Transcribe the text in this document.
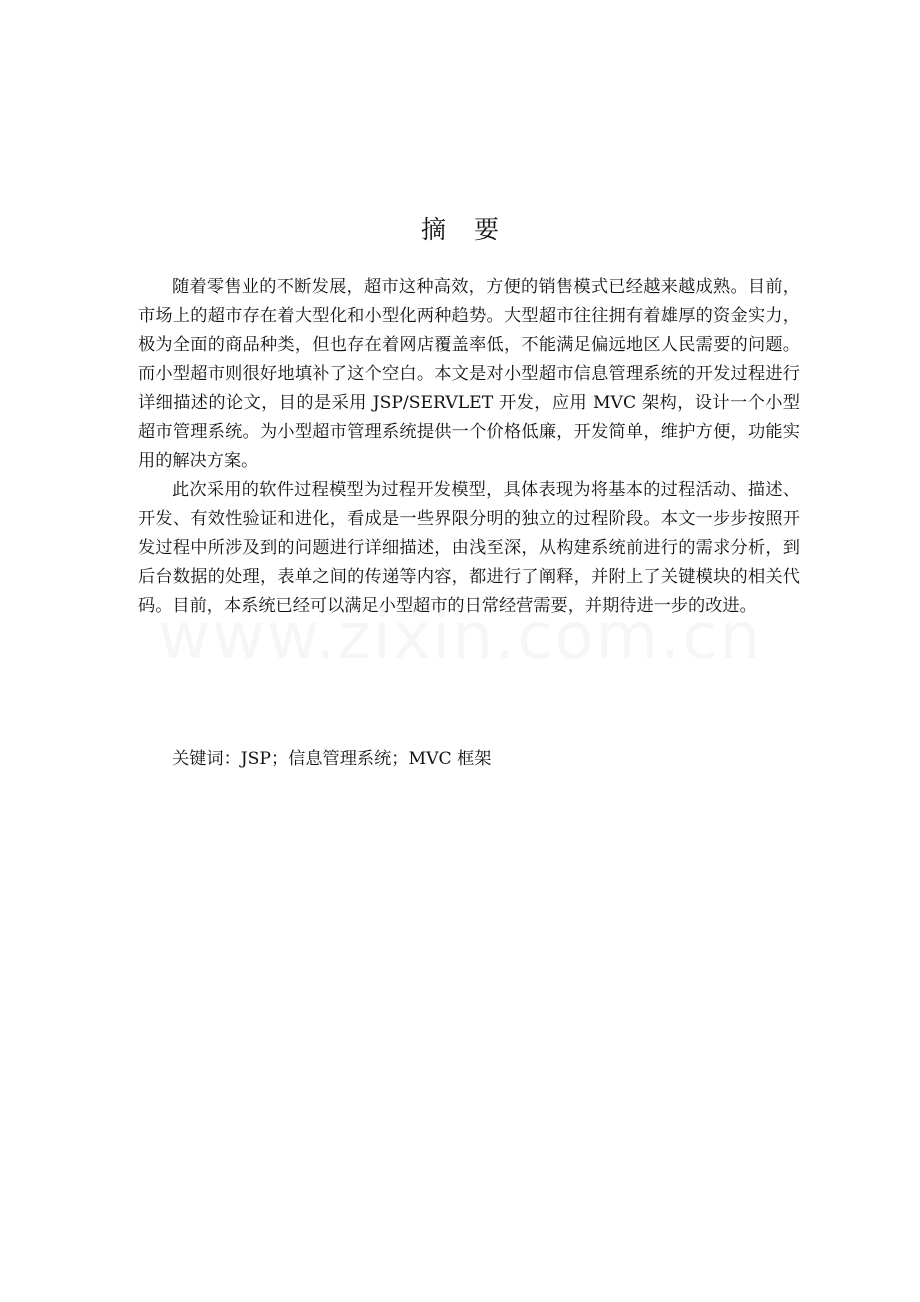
摘 要

随着零售业的不断发展，超市这种高效，方便的销售模式已经越来越成熟。目前，市场上的超市存在着大型化和小型化两种趋势。大型超市往往拥有着雄厚的资金实力，极为全面的商品种类，但也存在着网店覆盖率低，不能满足偏远地区人民需要的问题。而小型超市则很好地填补了这个空白。本文是对小型超市信息管理系统的开发过程进行详细描述的论文，目的是采用 JSP/SERVLET 开发，应用 MVC 架构，设计一个小型超市管理系统。为小型超市管理系统提供一个价格低廉，开发简单，维护方便，功能实用的解决方案。

此次采用的软件过程模型为过程开发模型，具体表现为将基本的过程活动、描述、开发、有效性验证和进化，看成是一些界限分明的独立的过程阶段。本文一步步按照开发过程中所涉及到的问题进行详细描述，由浅至深，从构建系统前进行的需求分析，到后台数据的处理，表单之间的传递等内容，都进行了阐释，并附上了关键模块的相关代码。目前，本系统已经可以满足小型超市的日常经营需要，并期待进一步的改进。

关键词：JSP；信息管理系统；MVC 框架
